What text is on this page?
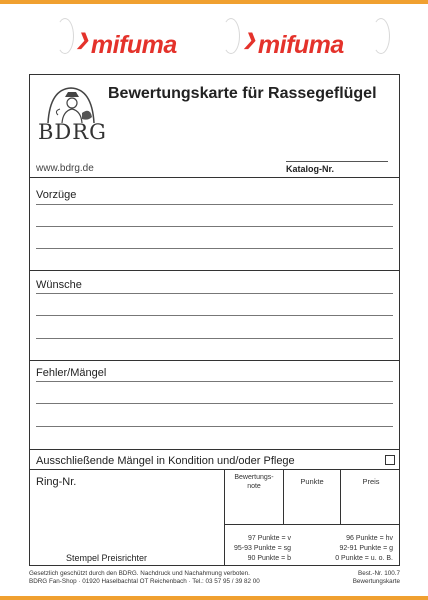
❯mifuma	❯mifuma
BDRG
Bewertungskarte für Rassegeflügel
www.bdrg.de	Katalog-Nr.
Vorzüge
Wünsche
Fehler/Mängel
Ausschließende Mängel in Kondition und/oder Pflege
Ring-Nr.
Stempel Preisrichter
Bewertungs-
note
Punkte	Preis
97 Punkte = v
95-93 Punkte = sg
90 Punkte = b
96 Punkte = hv
92-91 Punkte = g
0 Punkte = u. o. B.
Gesetzlich geschützt durch den BDRG. Nachdruck und Nachahmung verboten.
BDRG Fan-Shop · 01920 Haselbachtal OT Reichenbach · Tel.: 03 57 95 / 39 82 00
Best.-Nr. 100.7
Bewertungskarte
